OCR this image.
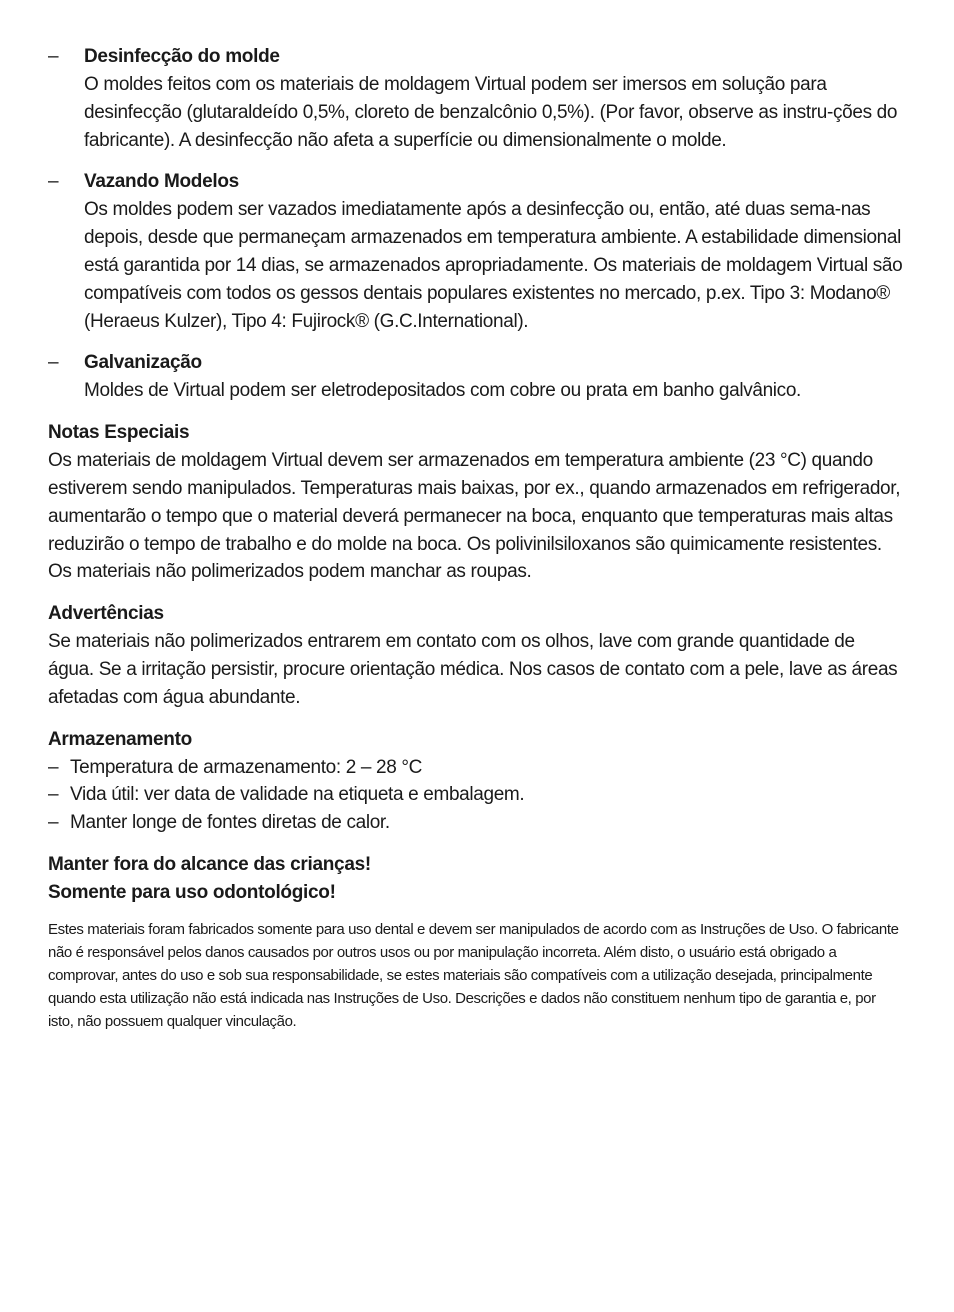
– Desinfecção do molde

O moldes feitos com os materiais de moldagem Virtual podem ser imersos em solução para desinfecção (glutaraldeído 0,5%, cloreto de benzalcônio 0,5%). (Por favor, observe as instru-ções do fabricante). A desinfecção não afeta a superfície ou dimensionalmente o molde.

– Vazando Modelos

Os moldes podem ser vazados imediatamente após a desinfecção ou, então, até duas sema-nas depois, desde que permaneçam armazenados em temperatura ambiente. A estabilidade dimensional está garantida por 14 dias, se armazenados apropriadamente. Os materiais de moldagem Virtual são compatíveis com todos os gessos dentais populares existentes no mercado, p.ex. Tipo 3: Modano® (Heraeus Kulzer), Tipo 4: Fujirock® (G.C.International).

– Galvanização

Moldes de Virtual podem ser eletrodepositados com cobre ou prata em banho galvânico.

Notas Especiais

Os materiais de moldagem Virtual devem ser armazenados em temperatura ambiente (23 °C) quando estiverem sendo manipulados. Temperaturas mais baixas, por ex., quando armazenados em refrigerador, aumentarão o tempo que o material deverá permanecer na boca, enquanto que temperaturas mais altas reduzirão o tempo de trabalho e do molde na boca. Os polivinilsiloxanos são quimicamente resistentes. Os materiais não polimerizados podem manchar as roupas.

Advertências

Se materiais não polimerizados entrarem em contato com os olhos, lave com grande quantidade de água. Se a irritação persistir, procure orientação médica. Nos casos de contato com a pele, lave as áreas afetadas com água abundante.

Armazenamento

– Temperatura de armazenamento: 2 – 28 °C
– Vida útil: ver data de validade na etiqueta e embalagem.
– Manter longe de fontes diretas de calor.

Manter fora do alcance das crianças!

Somente para uso odontológico!

Estes materiais foram fabricados somente para uso dental e devem ser manipulados de acordo com as Instruções de Uso. O fabricante não é responsável pelos danos causados por outros usos ou por manipulação incorreta. Além disto, o usuário está obrigado a comprovar, antes do uso e sob sua responsabilidade, se estes materiais são compatíveis com a utilização desejada, principalmente quando esta utilização não está indicada nas Instruções de Uso. Descrições e dados não constituem nenhum tipo de garantia e, por isto, não possuem qualquer vinculação.
